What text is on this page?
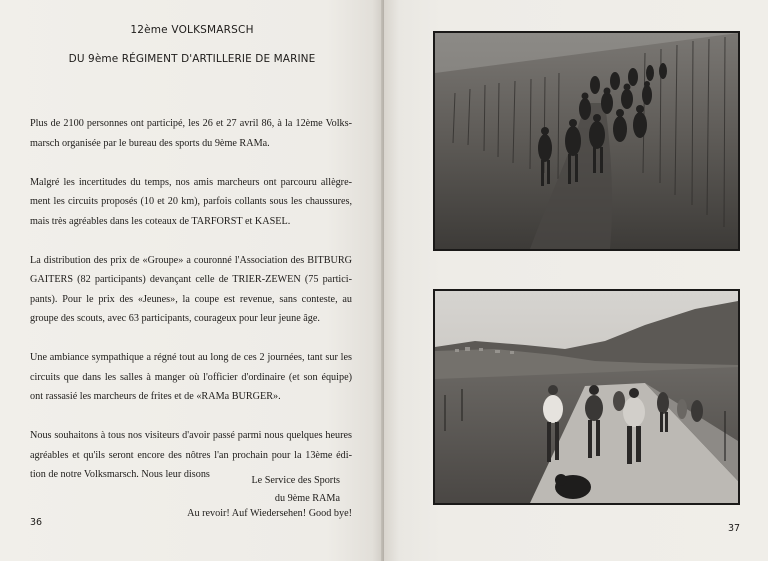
12ème VOLKSMARSCH
DU 9ème RÉGIMENT D'ARTILLERIE DE MARINE

Plus de 2100 personnes ont participé, les 26 et 27 avril 86, à la 12ème Volks-marsch organisée par le bureau des sports du 9ème RAMa.

Malgré les incertitudes du temps, nos amis marcheurs ont parcouru allègre-ment les circuits proposés (10 et 20 km), parfois collants sous les chaussures, mais très agréables dans les coteaux de TARFORST et KASEL.

La distribution des prix de «Groupe» a couronné l'Association des BITBURG GAITERS (82 participants) devançant celle de TRIER-ZEWEN (75 partici-pants). Pour le prix des «Jeunes», la coupe est revenue, sans conteste, au groupe des scouts, avec 63 participants, courageux pour leur jeune âge.

Une ambiance sympathique a régné tout au long de ces 2 journées, tant sur les circuits que dans les salles à manger où l'officier d'ordinaire (et son équipe) ont rassasié les marcheurs de frites et de «RAMa BURGER».

Nous souhaitons à tous nos visiteurs d'avoir passé parmi nous quelques heures agréables et qu'ils seront encore des nôtres l'an prochain pour la 13ème édi-tion de notre Volksmarsch. Nous leur disons

Au revoir! Auf Wiedersehen! Good bye!

Le Service des Sports
du 9ème RAMa
36
37
